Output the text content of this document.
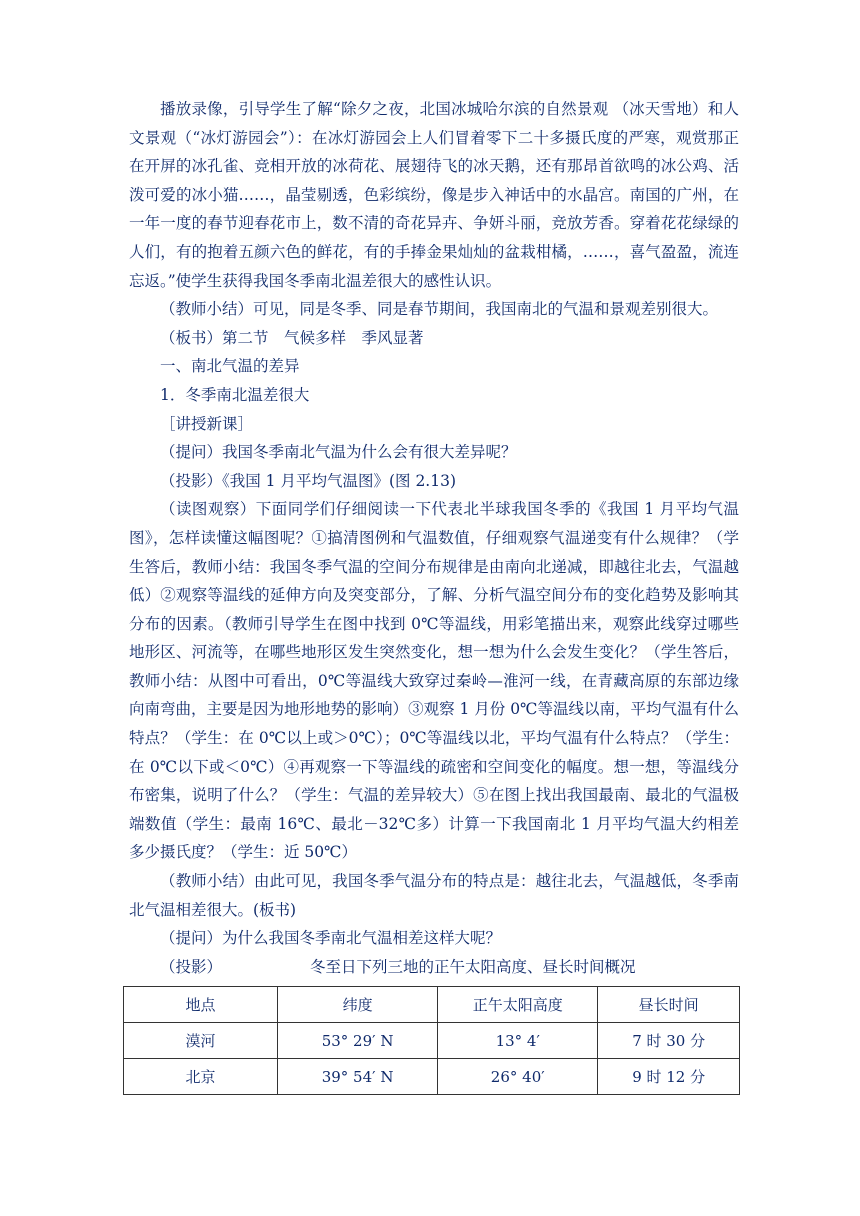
播放录像，引导学生了解“除夕之夜，北国冰城哈尔滨的自然景观 （冰天雪地）和人文景观（“冰灯游园会”）：在冰灯游园会上人们冒着零下二十多摄氏度的严寒，观赏那正在开屏的冰孔雀、竞相开放的冰荷花、展翅待飞的冰天鹅，还有那昂首欲鸣的冰公鸡、活泼可爱的冰小猫……，晶莹剔透，色彩缤纷，像是步入神话中的水晶宫。南国的广州，在一年一度的春节迎春花市上，数不清的奇花异卉、争妍斗丽，竞放芳香。穿着花花绿绿的人们，有的抱着五颜六色的鲜花，有的手捧金果灿灿的盆栽柑橘，……，喜气盈盈，流连忘返。”使学生获得我国冬季南北温差很大的感性认识。

（教师小结）可见，同是冬季、同是春节期间，我国南北的气温和景观差别很大。

（板书）第二节　气候多样　季风显著

一、南北气温的差异

1．冬季南北温差很大

［讲授新课］

（提问）我国冬季南北气温为什么会有很大差异呢？

（投影）《我国 1 月平均气温图》(图 2.13)

（读图观察）下面同学们仔细阅读一下代表北半球我国冬季的《我国 1 月平均气温图》，怎样读懂这幅图呢？①搞清图例和气温数值，仔细观察气温递变有什么规律？（学生答后，教师小结：我国冬季气温的空间分布规律是由南向北递减，即越往北去，气温越低）②观察等温线的延伸方向及突变部分，了解、分析气温空间分布的变化趋势及影响其分布的因素。（教师引导学生在图中找到 0℃等温线，用彩笔描出来，观察此线穿过哪些地形区、河流等，在哪些地形区发生突然变化，想一想为什么会发生变化？（学生答后，教师小结：从图中可看出，0℃等温线大致穿过秦岭—淮河一线，在青藏高原的东部边缘向南弯曲，主要是因为地形地势的影响）③观察 1 月份 0℃等温线以南，平均气温有什么特点？（学生：在 0℃以上或＞0℃）；0℃等温线以北，平均气温有什么特点？（学生：在 0℃以下或＜0℃）④再观察一下等温线的疏密和空间变化的幅度。想一想，等温线分布密集，说明了什么？（学生：气温的差异较大）⑤在图上找出我国最南、最北的气温极端数值（学生：最南 16℃、最北－32℃多）计算一下我国南北 1 月平均气温大约相差多少摄氏度？（学生：近 50℃）

（教师小结）由此可见，我国冬季气温分布的特点是：越往北去，气温越低，冬季南北气温相差很大。(板书)

（提问）为什么我国冬季南北气温相差这样大呢？

（投影）	冬至日下列三地的正午太阳高度、昼长时间概况
地点	纬度	正午太阳高度	昼长时间
漠河	53° 29′ N	13° 4′	7 时 30 分
北京	39° 54′ N	26° 40′	9 时 12 分
